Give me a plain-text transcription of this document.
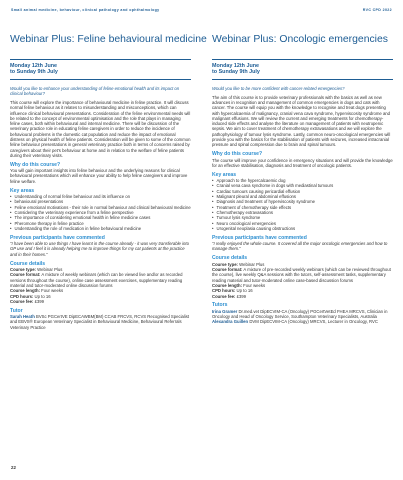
Small animal medicine, behaviour, clinical pathology and ophthalmology	RVC CPD 2022
Webinar Plus: Feline behavioural medicine
Monday 12th June
to Sunday 9th July
Would you like to enhance your understanding of feline emotional health and its impact on clinical behaviour?

This course will explore the importance of behavioural medicine in feline practice. It will discuss normal feline behaviour as it relates to misunderstanding and misconceptions, which can influence clinical behavioural presentations. Consideration of the feline environmental needs will be related to the concept of environmental optimisation and the role that plays in managing feline cases, both within behavioural and internal medicine. There will be discussion of the veterinary practice role in educating feline caregivers in order to reduce the incidence of behavioural problems in the domestic cat population and reduce the impact of emotional distress on physical health of feline patients. Consideration will be given to some of the common feline behaviour presentations in general veterinary practice both in terms of concerns raised by caregivers about their pet's behaviour at home and in relation to the welfare of feline patients during their veterinary visits.

Why do this course?

You will gain important insights into feline behaviour and the underlying reasons for clinical behavioural presentations which will enhance your ability to help feline caregivers and improve feline welfare.

Key areas
• Understanding of normal feline behaviour and its influence on
• behavioural presentations
• Feline emotional motivations - their role in normal behaviour and clinical behavioural medicine
• Considering the veterinary experience from a feline perspective
• The importance of considering emotional health in feline medicine cases
• Pheromone therapy in feline practice
• Understanding the role of medication in feline behavioural medicine
Previous participants have commented
"I have been able to use things I have learnt in the course already - it was very transferable into GP use and I feel it is already helping me to improve things for my cat patients at the practice and in their homes."
Course details

Course type: Webinar Plus

Course format: A mixture of weekly webinars (which can be viewed live and/or as recorded versions throughout the course), online case assessment exercises, supplementary reading material and tutor-moderated online discussion forums

Course length: Four weeks

CPD hours: Up to 16

Course fee: £399

Tutor

Sarah Heath BVSc PGCertVE DipECAWBM(BM) CCAB FRCVS, RCVS Recognised Specialist and EBVS® European Veterinary Specialist in Behavioural Medicine, Behavioural Referrals Veterinary Practice

Webinar Plus: Oncologic emergencies
Monday 12th June
to Sunday 9th July
Would you like to be more confident with cancer-related emergencies?

The aim of this course is to provide veterinary professionals with the basics as well as new advances in recognition and management of common emergencies in dogs and cats with cancer. The course will equip you with the knowledge to recognise and treat dogs presenting with hypercalcaemia of malignancy, cranial vena cava syndrome, hyperviscosity syndrome and malignant effusions. We will review the current and emerging treatments for chemotherapy-induced side effects and analyse the literature on management of patients with neutropenic sepsis. We aim to cover treatment of chemotherapy extravasations and we will explore the pathophysiology of tumour lysis syndrome. Lastly, common neuro-oncological emergencies will provide you with the basics for the stabilisation of patients with seizures, increased intracranial pressure and spinal compression due to brain and spinal tumours.

Why do this course?

The course will improve your confidence in emergency situations and will provide the knowledge for an effective stabilisation, diagnosis and treatment of oncologic patients.

Key areas
• Approach to the hypercalcaemic dog
• Cranial vena cava syndrome in dogs with mediastinal tumours
• Cardiac tumours causing pericardial effusion
• Malignant pleural and abdominal effusions
• Diagnosis and treatment of hyperviscosity syndrome
• Treatment of chemotherapy side effects
• Chemotherapy extravasations
• Tumour lysis syndrome
• Neuro oncological emergencies
• Urogenital neoplasia causing obstructions
Previous participants have commented
"I really enjoyed the whole course. It covered all the major oncologic emergencies and how to manage them."
Course details

Course type: Webinar Plus

Course format: A mixture of pre-recorded weekly webinars (which can be reviewed throughout the course), live weekly Q&A sessions with the tutors, self-assessment tasks, supplementary reading material and tutor-moderated online case-based discussion forums

Course length: Four weeks

CPD hours: Up to 16

Course fee: £399

Tutors

Irina Gramer Dr.med.vet DipECVIM-CA (Oncology) PGCertVetEd FHEA MRCVS, Clinician in Oncology and Head of Oncology Service, Southampton Veterinary Specialists, Australia

Alexandra Guillen DVM DipECVIM-CA (Oncology) MRCVS, Lecturer in Oncology, RVC

22
